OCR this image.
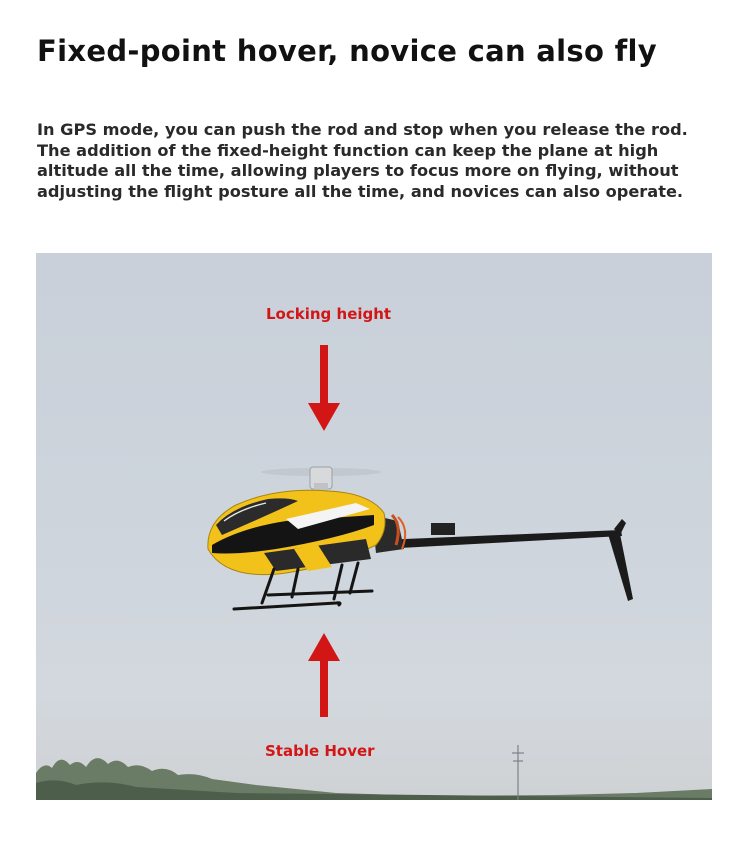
Fixed-point hover, novice can also fly

In GPS mode, you can push the rod and stop when you release the rod. The addition of the fixed-height function can keep the plane at high altitude all the time, allowing players to focus more on flying, without adjusting the flight posture all the time, and novices can also operate.

Locking height
Stable Hover
